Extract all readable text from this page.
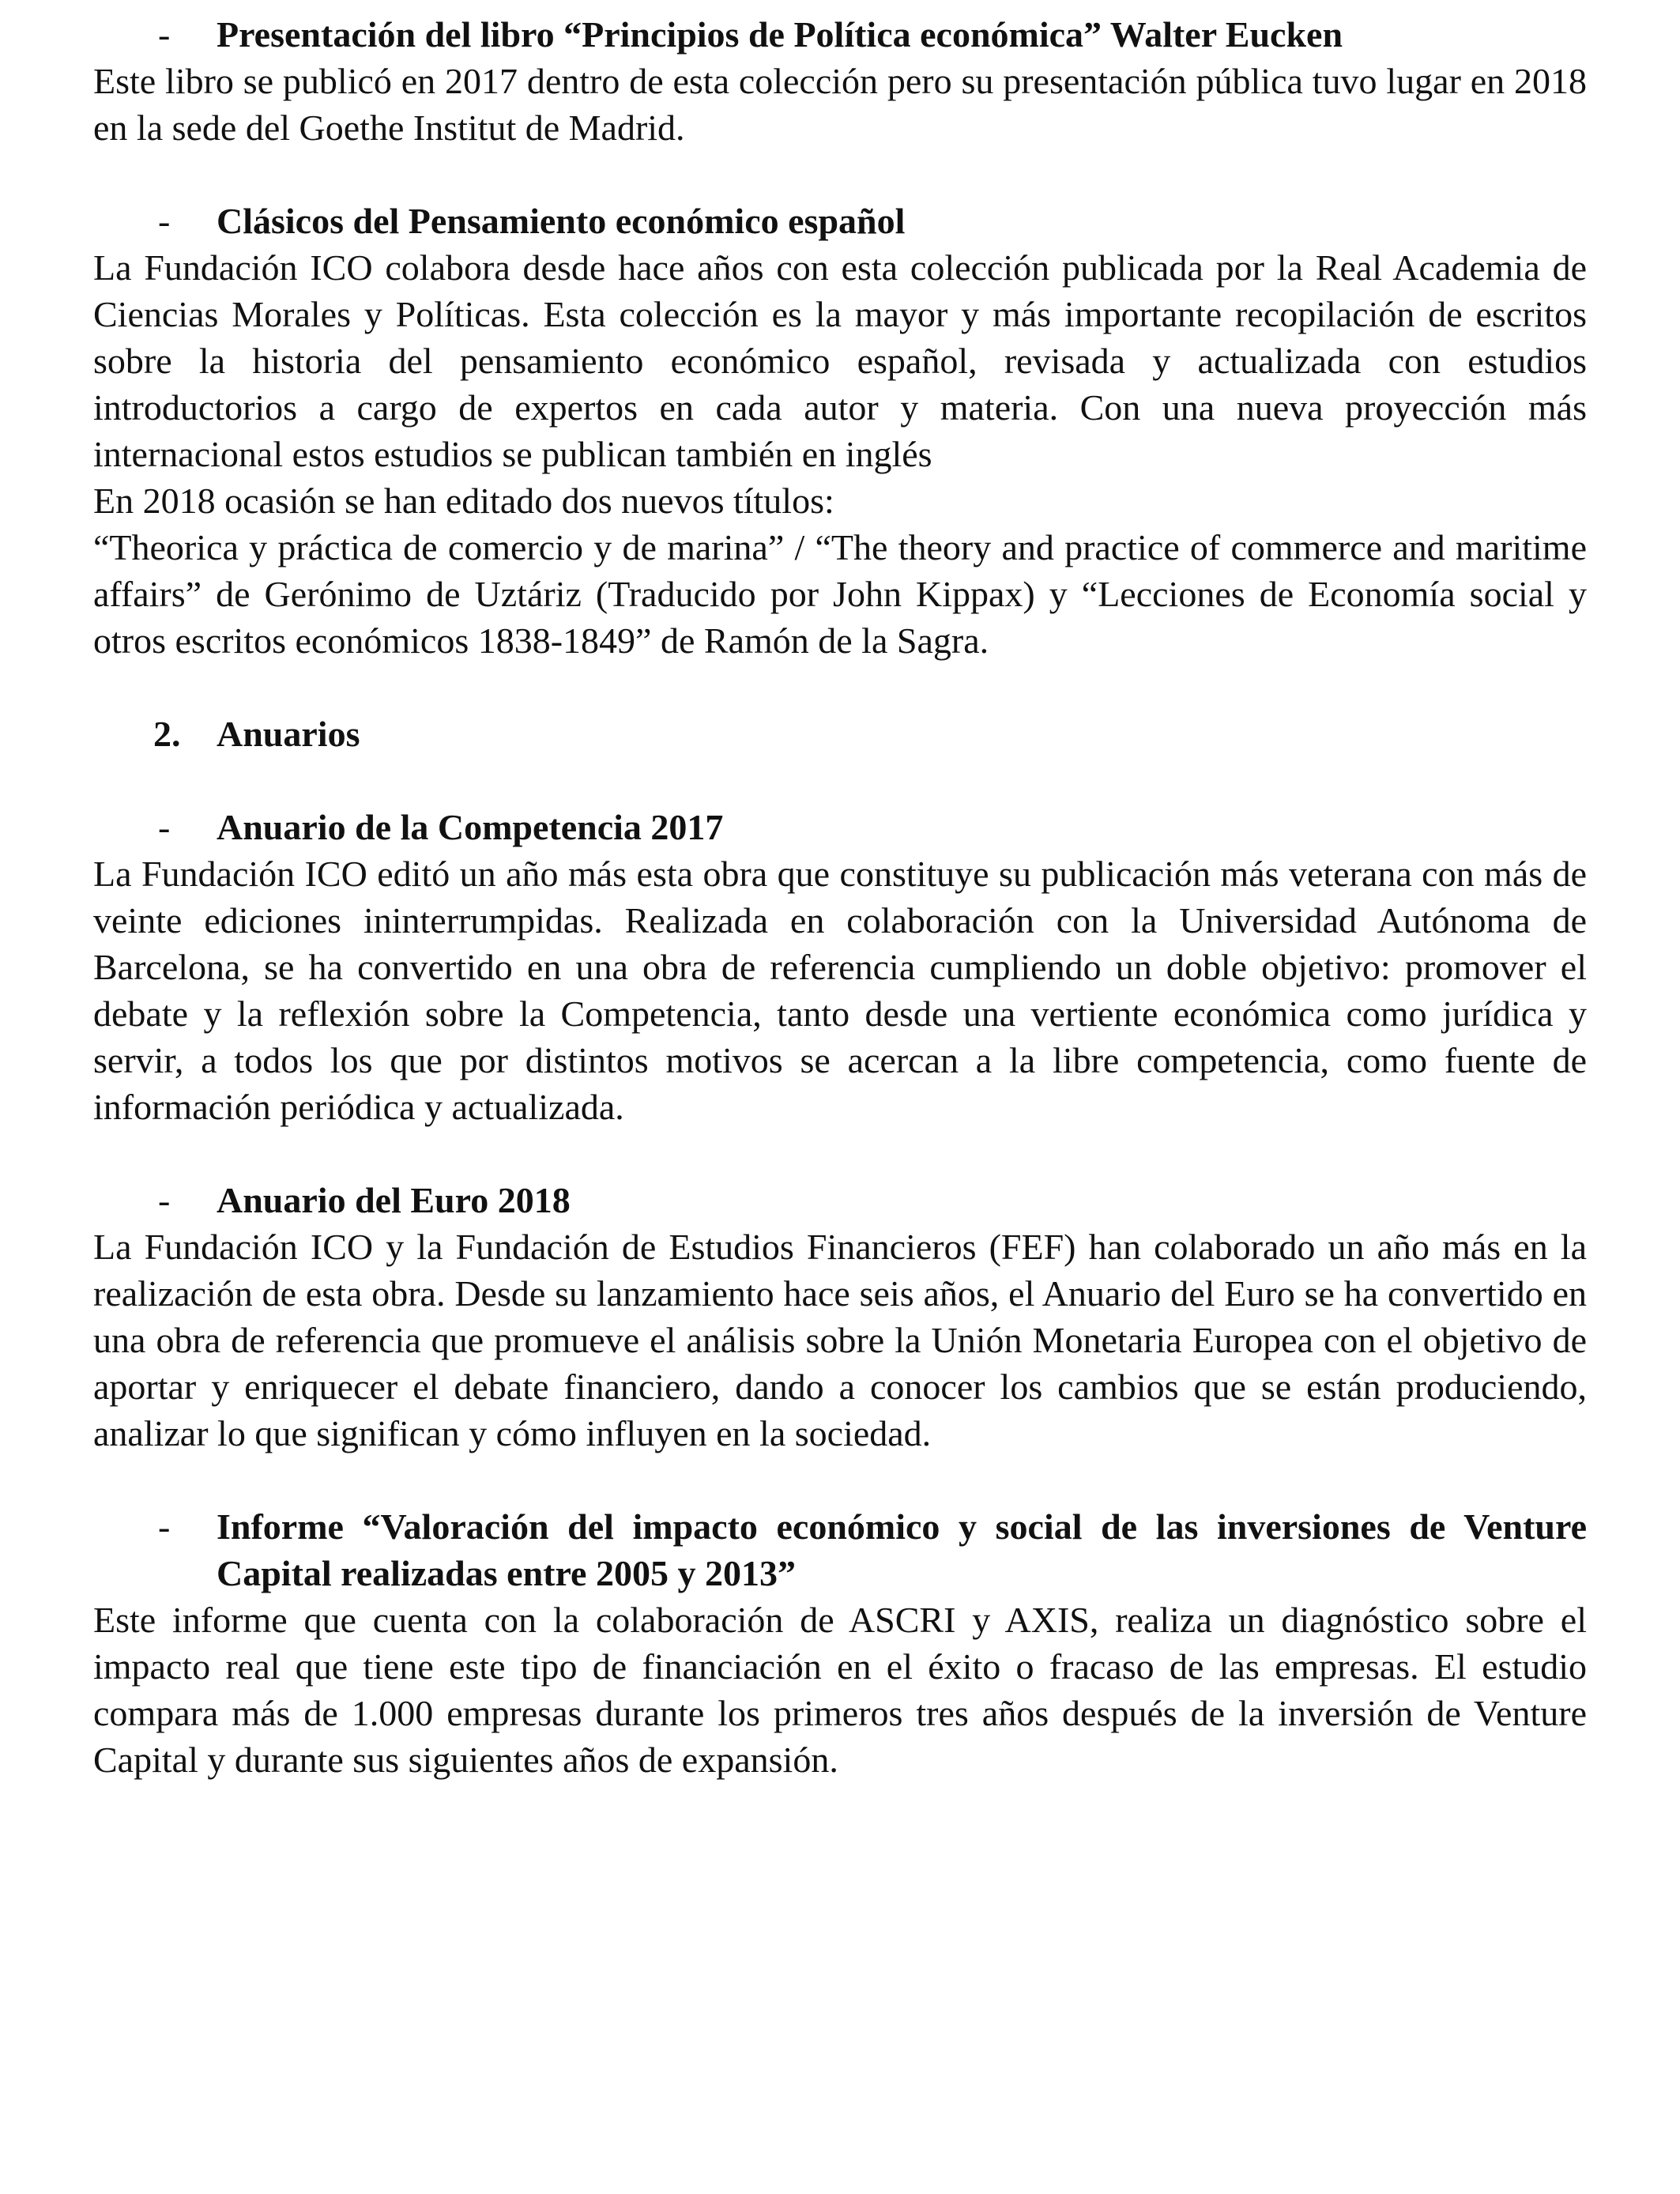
- Presentación del libro “Principios de Política económica” Walter Eucken

Este libro se publicó en 2017 dentro de esta colección pero su presentación pública tuvo lugar en 2018 en la sede del Goethe Institut de Madrid.

- Clásicos del Pensamiento económico español

La Fundación ICO colabora desde hace años con esta colección publicada por la Real Academia de Ciencias Morales y Políticas. Esta colección es la mayor y más importante recopilación de escritos sobre la historia del pensamiento económico español, revisada y actualizada con estudios introductorios a cargo de expertos en cada autor y materia. Con una nueva proyección más internacional estos estudios se publican también en inglés

En 2018 ocasión se han editado dos nuevos títulos:

“Theorica y práctica de comercio y de marina” / “The theory and practice of commerce and maritime affairs” de Gerónimo de Uztáriz (Traducido por John Kippax) y “Lecciones de Economía social y otros escritos económicos 1838-1849” de Ramón de la Sagra.

2. Anuarios
- Anuario de la Competencia 2017

La Fundación ICO editó un año más esta obra que constituye su publicación más veterana con más de veinte ediciones ininterrumpidas. Realizada en colaboración con la Universidad Autónoma de Barcelona, se ha convertido en una obra de referencia cumpliendo un doble objetivo: promover el debate y la reflexión sobre la Competencia, tanto desde una vertiente económica como jurídica y servir, a todos los que por distintos motivos se acercan a la libre competencia, como fuente de información periódica y actualizada.

- Anuario del Euro 2018

La Fundación ICO y la Fundación de Estudios Financieros (FEF) han colaborado un año más en la realización de esta obra. Desde su lanzamiento hace seis años, el Anuario del Euro se ha convertido en una obra de referencia que promueve el análisis sobre la Unión Monetaria Europea con el objetivo de aportar y enriquecer el debate financiero, dando a conocer los cambios que se están produciendo, analizar lo que significan y cómo influyen en la sociedad.

- Informe “Valoración del impacto económico y social de las inversiones de Venture Capital realizadas entre 2005 y 2013”

Este informe que cuenta con la colaboración de ASCRI y AXIS, realiza un diagnóstico sobre el impacto real que tiene este tipo de financiación en el éxito o fracaso de las empresas. El estudio compara más de 1.000 empresas durante los primeros tres años después de la inversión de Venture Capital y durante sus siguientes años de expansión.
